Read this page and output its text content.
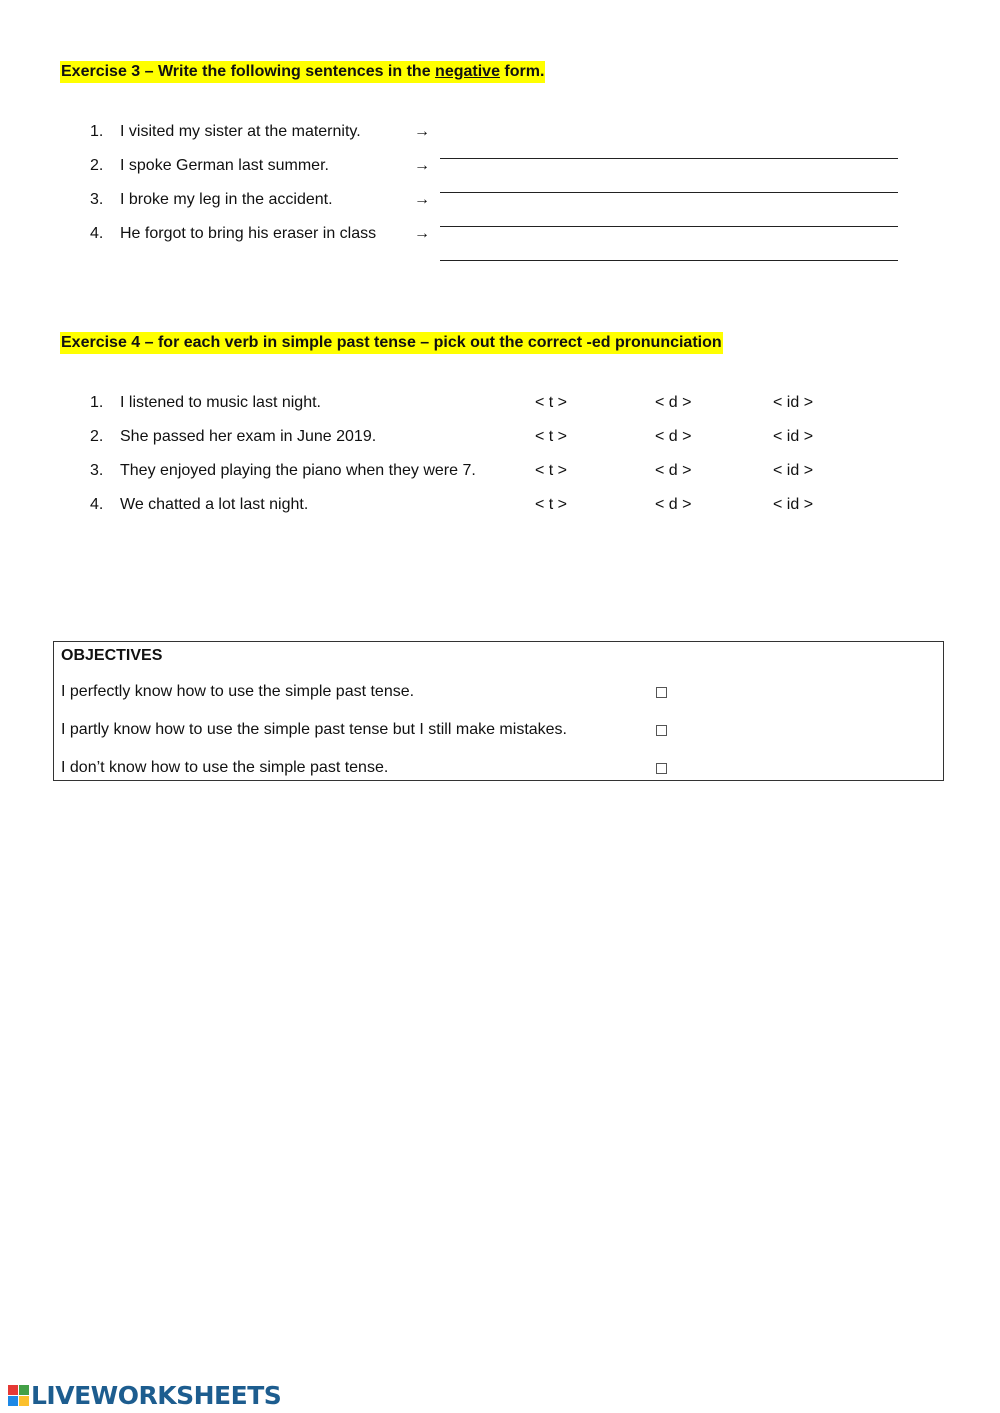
Exercise 3 – Write the following sentences in the negative form.
1.	I visited my sister at the maternity.	→
2.	I spoke German last summer.	→
3.	I broke my leg in the accident.	→
4.	He forgot to bring his eraser in class →
Exercise 4 – for each verb in simple past tense – pick out the correct -ed pronunciation
1.	I listened to music last night.	< t >	< d >	< id >
2.	She passed her exam in June 2019.	< t >	< d >	< id >
3.	They enjoyed playing the piano when they were 7.	< t >	< d >	< id >
4.	We chatted a lot last night.	< t >	< d >	< id >
OBJECTIVES
I perfectly know how to use the simple past tense.
I partly know how to use the simple past tense but I still make mistakes.
I don’t know how to use the simple past tense.
LIVEWORKSHEETS
